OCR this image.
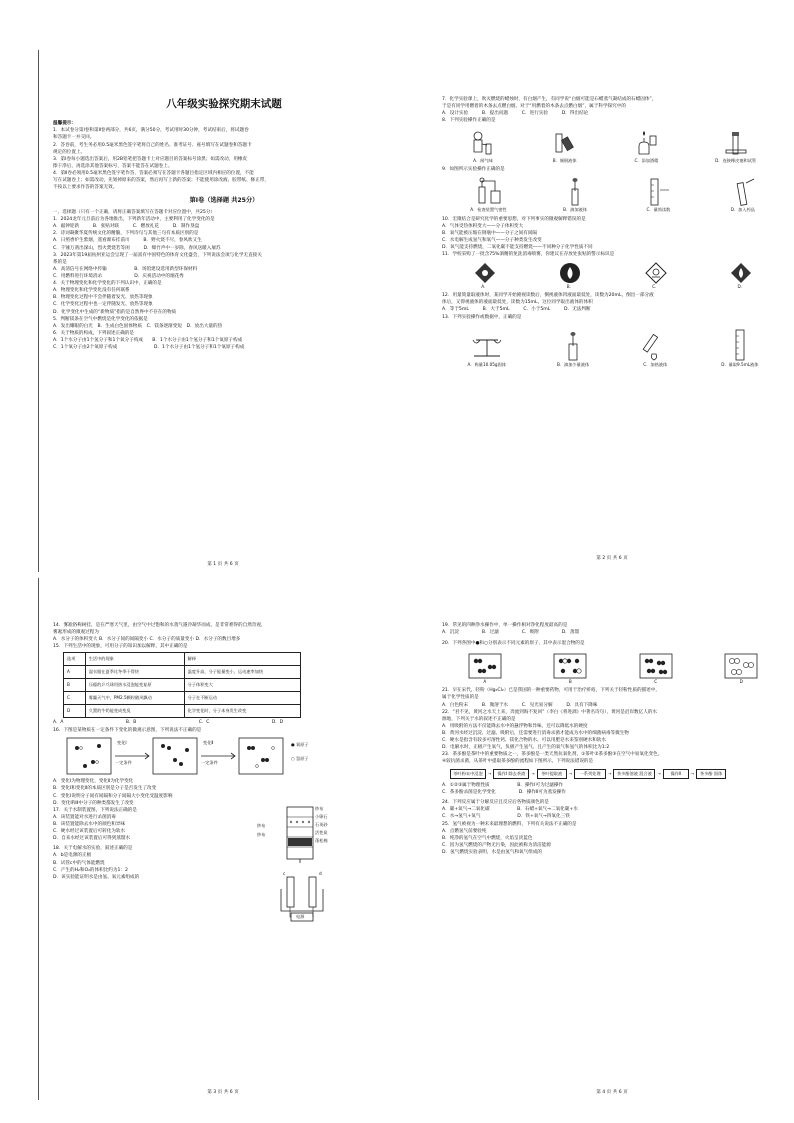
八年级实验探究期末试题
温馨提示：
1．本试卷分第Ⅰ卷和第Ⅱ卷两部分，共6页，满分50分，考试用时30分钟，考试结束后，将试题卷
和答题卡一并交回。
2．答卷前，考生务必用0.5毫米黑色签字笔将自己的姓名、准考证号、座号填写在试题卷和答题卡
规定的位置上。
3．第Ⅰ卷每小题选出答案后，用2B铅笔把答题卡上对应题目的答案标号涂黑；如需改动，用橡皮
擦干净后，再选涂其他答案标号，答案不能答在试题卷上。
4．第Ⅱ卷必须用0.5毫米黑色签字笔作答，答案必须写在答题卡各题目指定区域内相应的位置，不能
写在试题卷上；如需改动，先划掉原来的答案，然后再写上新的答案；不能使用涂改液、胶带纸、修正带，
不按以上要求作答的答案无效。
第Ⅰ卷（选择题 共25分）
一、选择题（只有一个正确，请将正确答案填写在答题卡对应位置中，共25分）
1．2024龙年元旦前后为各地推出，下列新年活动中，主要利用了化学变化的是
A．敲钟迎新　　　B．张贴对联　　　C．燃放礼花　　　D．制作垦盘
2．诗词凝聚华夏传统文化的精髓，下列诗句与其他三句有本质区别的是
A．日照香炉生紫烟，遥看瀑布挂前川　　　B．野火烧不尽，春风吹又生
C．千锤万凿出深山，烈火焚烧若等闲　　　D．爆竹声中一岁除，春风送暖入屠苏
3．2023年第19届杭州亚运会呈现了一届富有中国特色的体育文化盛会，下列说法会项与化学无直接关
系的是
A．高清信号在网络中传输　　　　　　B．场馆建设选用新型环保材料
C．用燃料进行环境消杀　　　　　　　D．庆祝活动中的烟花秀
4．关于物理变化和化学变化的下列认识中，正确的是
A．物理变化和化学变化没有任何联系
B．物理变化过程中不会伴随着发光、放热等现象
C．化学变化过程中也一定伴随发光、放热等现象
D．化学变化中生成的“新物质”指的是自然界中不存在的物质
5．判断镁条在空气中燃烧是化学变化的依据是
A．发出耀眼的白光　B．生成白色固体物质　C．镁条逐渐变短　D．放出大量的热
6．关于物质的构成，下列叙述正确的是
A．1个水分子由1个氢分子和1个氧分子构成　　B．1个水分子由1个氢分子和1个氧原子构成
C．1个氧分子由2个氧原子构成　　　　　　　　D．1个水分子由1个氢分子和1个氧原子构成
第 1 页 共 6 页
7．化学实验课上，吹灭燃烧的蜡烛时，有白烟产生，有同学说“白烟可能是石蜡蒸气凝结成的石蜡固体”，
于是有同学用燃着的木条去点燃白烟，对于“用燃着的木条去点燃白烟”，属于科学探究中的
A．设计实验　　　B．提出问题　　　C．进行实验　　　D．得出结论
8．下列实验操作正确的是
A．闻气味	B．倾倒液体	C．添加酒精	D．连接橡皮塞和试管
9．如图所示实验操作正确的是
A．检查装置气密性	B．滴加液体	C．量筒读数	D．加入药品
10．宏微结合是研究化学的重要思想，对下列事实的微观解释错误的是
A．气体受热体积变大——分子体积变大
B．氧气能被压缩在钢瓶中——分子之间有间隔
C．水电解生成氢气和氧气——分子种类发生改变
D．氧气能支持燃烧，二氧化碳不能支持燃烧——不同种分子化学性质不同
11．学校采购了一批含75%酒精的免洗消毒喷雾，你建议在存放处张贴的警示标识是
A．	B．	C．	D．
12．用量筒量取液体时，某同学开始俯视读数后，倒视液体凹液面最低处，读数为20mL，倒出一部分液
体后，又仰视液体的液面最低处，读数为15mL，这位同学取出液体的体积
A．等于5mL　　　B．大于5mL　　　C．小于5mL　　　D．无法判断
13．下列实验操作或数据中，正确的是
A．称量10.05g固体	B．滴加少量液体	C．加热液体	D．量取9.5mL液体
第 2 页 共 6 页
14．雾凇俗称树挂，是在严寒天气里，由空气中过饱和的水蒸气遇冷凝华而成，是非常难得的自然奇观，
雾凇形成的微观过程为
A．水分子的体积变大 B．水分子间的间隔变小 C．水分子的质量变小 D．水分子的数目增多
15．下列生活中的现象，可用分子的知识加以解释，其中正确的是
选项	生活中的现象	解释
A	湿衣服在夏季比冬季干得快	温度升高，分子能量变小，运动速率加快
B	压瘪的乒乓球用热水浸泡能变复原	分子体积变大
C	雾霾天气中，PM2.5颗粒随风飘动	分子在不断运动
D	久置的牛奶能变成变臭	化学变化时，分子本身发生改变
A．A	B．B	C．C	D．D
16．下图是某物质在一定条件下变化的微观示意图，下列说法不正确的是
变化Ⅰ
一定条件
变化Ⅱ
一定条件
● 氧原子
○ 氢原子
A．变化Ⅰ为物理变化，变化Ⅱ为化学变化
B．变化Ⅰ和变化Ⅱ的本质区别是分子是否发生了改变
C．变化Ⅰ说明分子间有间隔和分子间隔大小变化受温度影响
D．变化Ⅰ和Ⅱ中分子的种类都发生了改变
17．关于水制装置图，下列说法正确的是
A．该装置能对水进行杀菌消毒
B．该装置能除去水中的颜色和异味
C．硬水经过该装置后可转化为软水
D．自来水经过该装置后可得到蒸馏水
18．关于电解水的实验，叙述正确的是
A．b是电源的正极
B．试管c中的气体能燃烧
C．产生的H₂和O₂的体积比约为1：2
D．该实验能证明水是由氢、氧元素组成的
纱布
小卵石
石英砂
活性炭
蓬松棉
纱布
纱布
c	d
电源
第 3 页 共 6 页
19．常见的四种净水操作中，单一操作相对净化程度最高的是
A．沉淀　　　　　B．过滤　　　　　C．吸附　　　　　D．蒸馏
20．下列各图中●和○分别表示不同元素的原子，其中表示混合物的是
A	B	C	D
21．早在宋代，轻粉（Hg₂Cl₂）已是我国的一种重要药物，可用于治疗疥疮，下列关于轻粉性质的描述中，
属于化学性质的是
A．白色粉末　　　B．微溶于水　　　C．见光易分解　　　D．具有下降味
22．“君不见，黄河之水天上来，奔流到海不复回”（李白《将进酒》中著名诗句），黄河是沿岸数亿人的水
源地，下列关于水的叙述不正确的是
A．用吸附的方法不仅能降去水中的悬浮物和异味，还可以降低水的硬度
B．黄河水经过沉淀、过滤、吸附后，还需要进行消毒杀菌才能成为水中的细菌病毒等微生物
C．硬水是指含有较多可溶性钙、镁化合物的水，可以用肥皂水来鉴别硬水和软水
D．电解水时，正极产生氧气，负极产生氢气，且产生的氧气和氢气的体积比为1:2
23．茶多酚是茶叶中的重要物质之一，茶多酚是一类天然抗氧化剂，①茶叶②茶多酚③在空气中易氧化变色，
④较抗菌杀菌，从茶叶中提取茶多酚的流程如下图所示，下列说法错误的是
茶叶粉末中浸泡	→	操作Ⅰ 除去茶渣	→	茶叶提取液	→	一系列处理	→	茶多酚溶液 混合液	→	操作Ⅱ	→	茶多酚 固体
A．①②③属于物理性质　　　　　　B．操作Ⅰ可为过滤操作
C．茶多酚杀菌是化学变化　　　　　D．操作Ⅱ可为蒸发操作
24．下列反应属于分解反应且反应后各物质颜色的是
A．碳+氧气→二氧化碳　　　　　　B．石蜡+氧气→二氧化碳+水
C．水→氢气+氧气　　　　　　　　D．铁+氧气→四氧化三铁
25．氢气被视为一种未来最理想的燃料，下列有关说法不正确的是
A．点燃氢气前要验纯
B．纯净的氢气在空气中燃烧，火焰呈淡蓝色
C．因为氢气燃烧的产物无污染，因此被称为清洁能源
D．氢气燃烧实验表明，水是由氢气和氧气组成的
第 4 页 共 6 页
